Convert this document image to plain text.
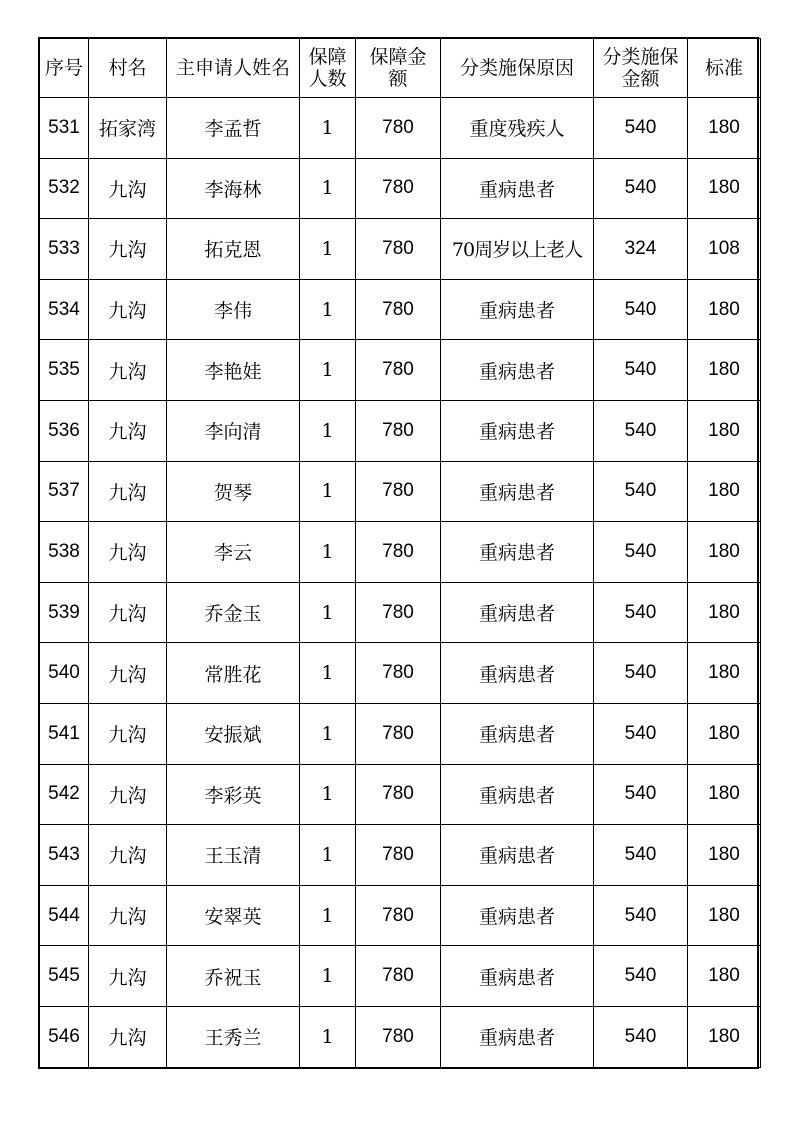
序号	村名	主申请人姓名	保障人数	保障金额	分类施保原因	分类施保金额	标准
531	拓家湾	李孟哲	1	780	重度残疾人	540	180
532	九沟	李海林	1	780	重病患者	540	180
533	九沟	拓克恩	1	780	70周岁以上老人	324	108
534	九沟	李伟	1	780	重病患者	540	180
535	九沟	李艳娃	1	780	重病患者	540	180
536	九沟	李向清	1	780	重病患者	540	180
537	九沟	贺琴	1	780	重病患者	540	180
538	九沟	李云	1	780	重病患者	540	180
539	九沟	乔金玉	1	780	重病患者	540	180
540	九沟	常胜花	1	780	重病患者	540	180
541	九沟	安振斌	1	780	重病患者	540	180
542	九沟	李彩英	1	780	重病患者	540	180
543	九沟	王玉清	1	780	重病患者	540	180
544	九沟	安翠英	1	780	重病患者	540	180
545	九沟	乔祝玉	1	780	重病患者	540	180
546	九沟	王秀兰	1	780	重病患者	540	180
